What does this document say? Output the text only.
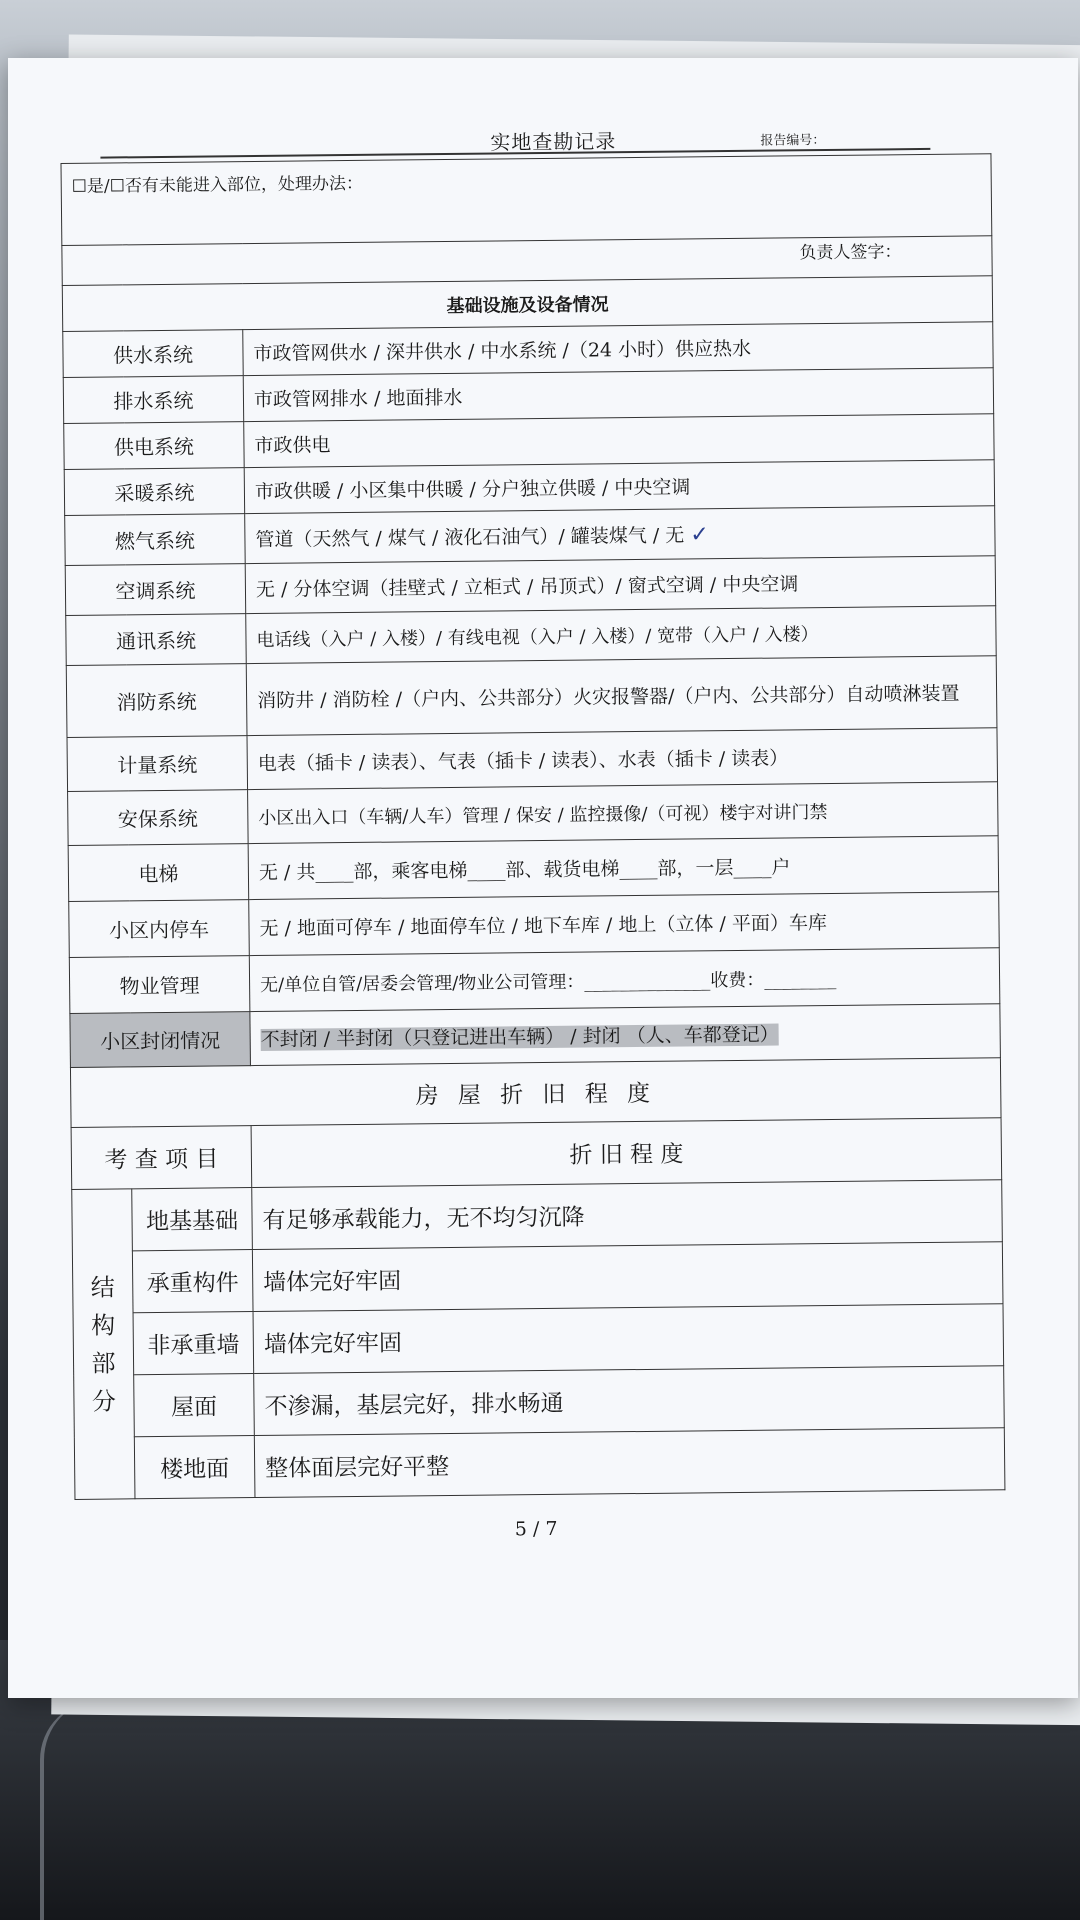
实地查勘记录	报告编号：
☐是/☐否有未能进入部位，处理办法：		
负责人签字：		
基础设施及设备情况		
供水系统		市政管网供水 / 深井供水 / 中水系统 /（24 小时）供应热水
排水系统		市政管网排水 / 地面排水
供电系统		市政供电
采暖系统		市政供暖 / 小区集中供暖 / 分户独立供暖 / 中央空调
燃气系统		管道（天然气 / 煤气 / 液化石油气）/ 罐装煤气 / 无 ✓
空调系统		无 / 分体空调（挂壁式 / 立柜式 / 吊顶式）/ 窗式空调 / 中央空调
通讯系统		电话线（入户 / 入楼）/ 有线电视（入户 / 入楼）/ 宽带（入户 / 入楼）
消防系统		消防井 / 消防栓 /（户内、公共部分）火灾报警器/（户内、公共部分）自动喷淋装置
计量系统		电表（插卡 / 读表）、气表（插卡 / 读表）、水表（插卡 / 读表）
安保系统		小区出入口（车辆/人车）管理 / 保安 / 监控摄像/（可视）楼宇对讲门禁
电梯		无 / 共____部，乘客电梯____部、载货电梯____部，一层____户
小区内停车		无 / 地面可停车 / 地面停车位 / 地下车库 / 地上（立体 / 平面）车库
物业管理		无/单位自管/居委会管理/物业公司管理：______________收费：________
小区封闭情况		不封闭 / 半封闭（只登记进出车辆） / 封闭 （人、车都登记）
房 屋 折 旧 程 度		
考 查 项 目		折 旧 程 度
结构部分	地基基础	有足够承载能力，无不均匀沉降
	承重构件	墙体完好牢固
	非承重墙	墙体完好牢固
	屋面	不渗漏，基层完好，排水畅通
	楼地面	整体面层完好平整
5 / 7
